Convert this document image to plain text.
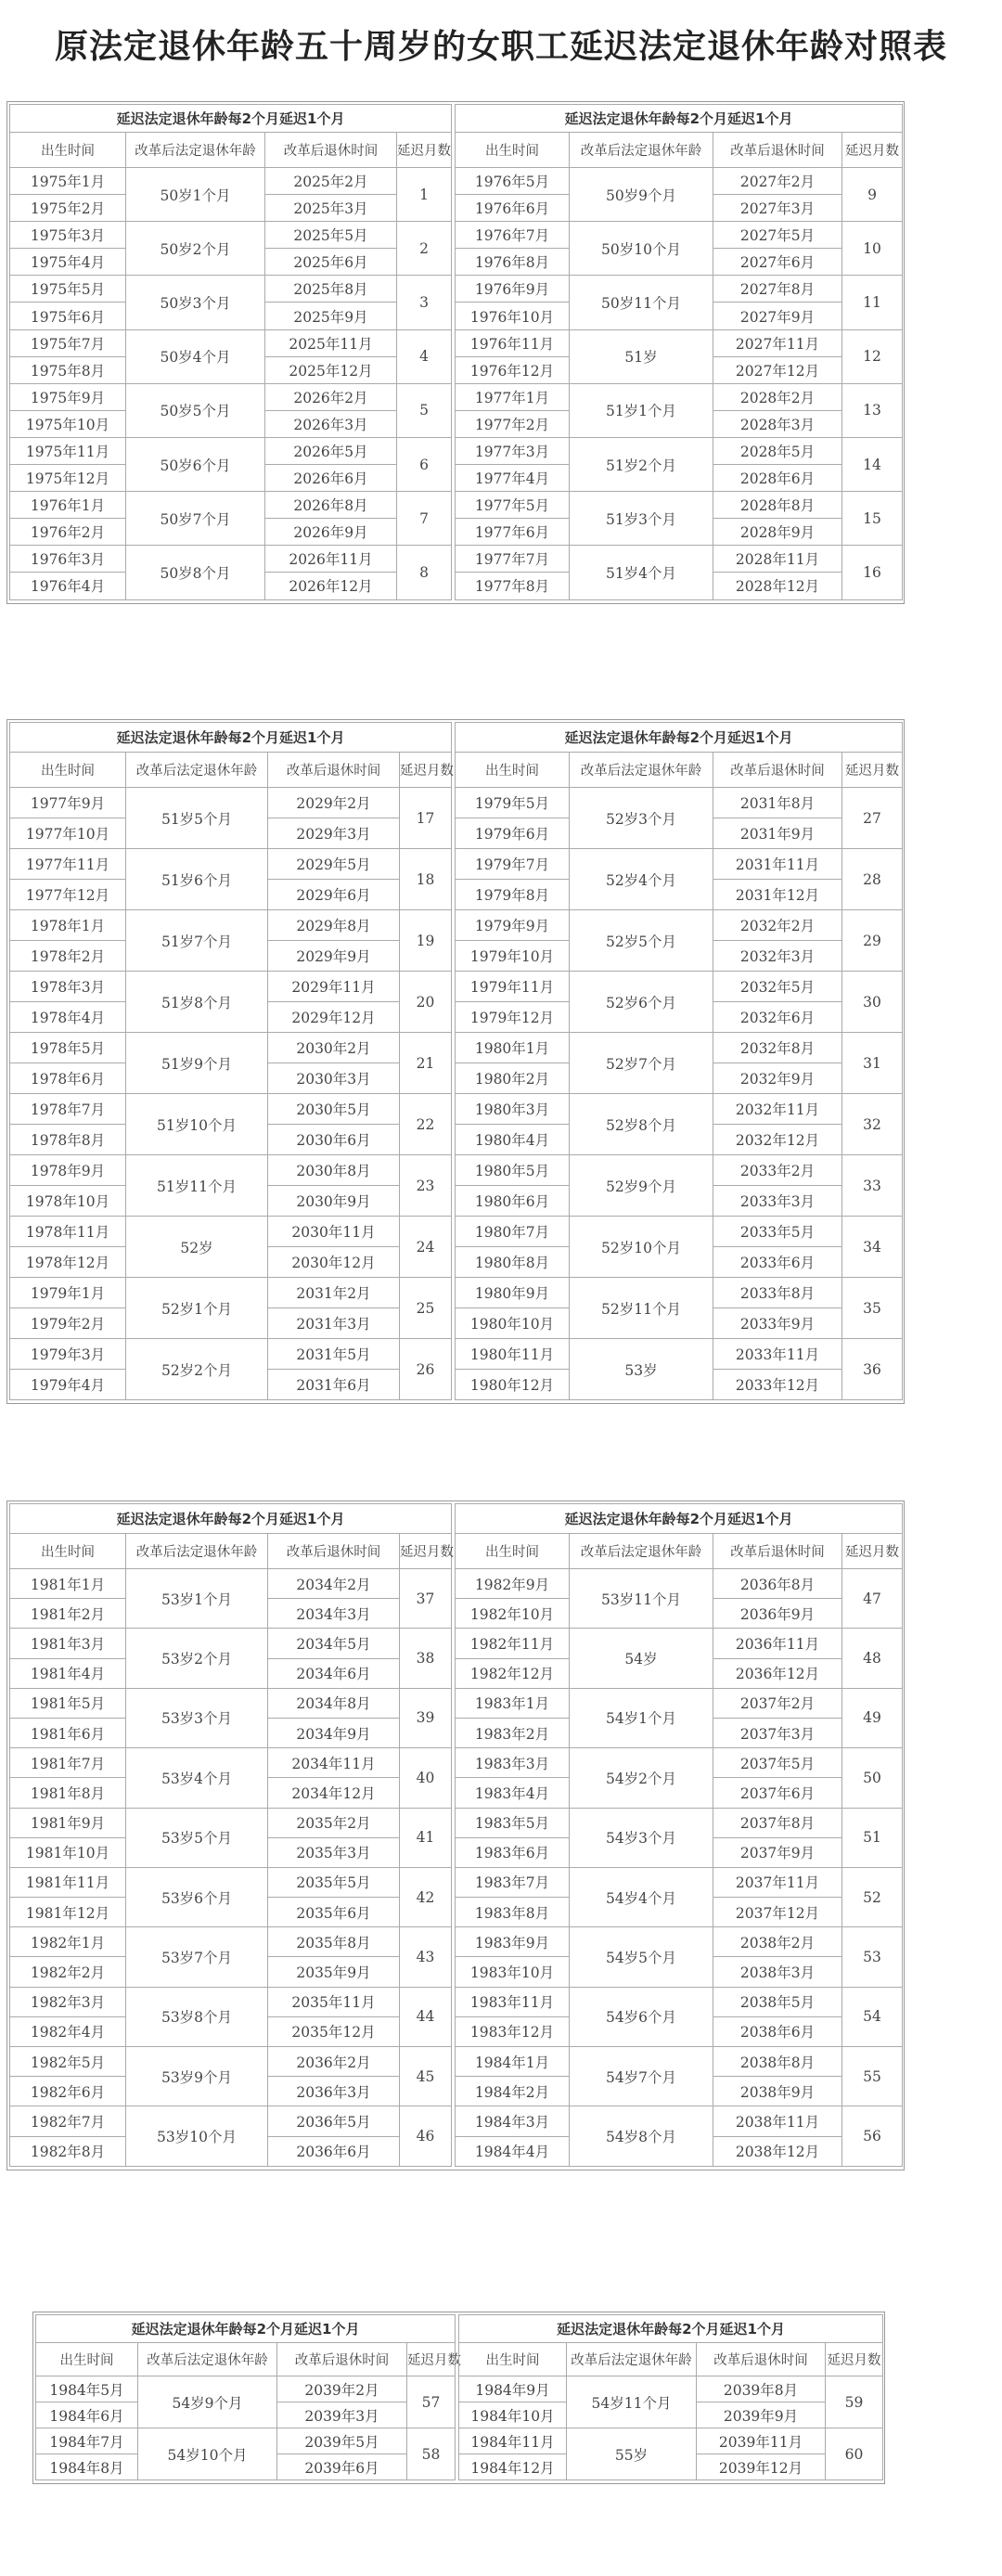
原法定退休年龄五十周岁的女职工延迟法定退休年龄对照表
延迟法定退休年龄每2个月延迟1个月			
出生时间	改革后法定退休年龄	改革后退休时间	延迟月数
1975年1月	50岁1个月	2025年2月	1
1975年2月		2025年3月	
1975年3月	50岁2个月	2025年5月	2
1975年4月		2025年6月	
1975年5月	50岁3个月	2025年8月	3
1975年6月		2025年9月	
1975年7月	50岁4个月	2025年11月	4
1975年8月		2025年12月	
1975年9月	50岁5个月	2026年2月	5
1975年10月		2026年3月	
1975年11月	50岁6个月	2026年5月	6
1975年12月		2026年6月	
1976年1月	50岁7个月	2026年8月	7
1976年2月		2026年9月	
1976年3月	50岁8个月	2026年11月	8
1976年4月		2026年12月	
延迟法定退休年龄每2个月延迟1个月			
出生时间	改革后法定退休年龄	改革后退休时间	延迟月数
1976年5月	50岁9个月	2027年2月	9
1976年6月		2027年3月	
1976年7月	50岁10个月	2027年5月	10
1976年8月		2027年6月	
1976年9月	50岁11个月	2027年8月	11
1976年10月		2027年9月	
1976年11月	51岁	2027年11月	12
1976年12月		2027年12月	
1977年1月	51岁1个月	2028年2月	13
1977年2月		2028年3月	
1977年3月	51岁2个月	2028年5月	14
1977年4月		2028年6月	
1977年5月	51岁3个月	2028年8月	15
1977年6月		2028年9月	
1977年7月	51岁4个月	2028年11月	16
1977年8月		2028年12月	
延迟法定退休年龄每2个月延迟1个月			
出生时间	改革后法定退休年龄	改革后退休时间	延迟月数
1977年9月	51岁5个月	2029年2月	17
1977年10月		2029年3月	
1977年11月	51岁6个月	2029年5月	18
1977年12月		2029年6月	
1978年1月	51岁7个月	2029年8月	19
1978年2月		2029年9月	
1978年3月	51岁8个月	2029年11月	20
1978年4月		2029年12月	
1978年5月	51岁9个月	2030年2月	21
1978年6月		2030年3月	
1978年7月	51岁10个月	2030年5月	22
1978年8月		2030年6月	
1978年9月	51岁11个月	2030年8月	23
1978年10月		2030年9月	
1978年11月	52岁	2030年11月	24
1978年12月		2030年12月	
1979年1月	52岁1个月	2031年2月	25
1979年2月		2031年3月	
1979年3月	52岁2个月	2031年5月	26
1979年4月		2031年6月	
延迟法定退休年龄每2个月延迟1个月			
出生时间	改革后法定退休年龄	改革后退休时间	延迟月数
1979年5月	52岁3个月	2031年8月	27
1979年6月		2031年9月	
1979年7月	52岁4个月	2031年11月	28
1979年8月		2031年12月	
1979年9月	52岁5个月	2032年2月	29
1979年10月		2032年3月	
1979年11月	52岁6个月	2032年5月	30
1979年12月		2032年6月	
1980年1月	52岁7个月	2032年8月	31
1980年2月		2032年9月	
1980年3月	52岁8个月	2032年11月	32
1980年4月		2032年12月	
1980年5月	52岁9个月	2033年2月	33
1980年6月		2033年3月	
1980年7月	52岁10个月	2033年5月	34
1980年8月		2033年6月	
1980年9月	52岁11个月	2033年8月	35
1980年10月		2033年9月	
1980年11月	53岁	2033年11月	36
1980年12月		2033年12月	
延迟法定退休年龄每2个月延迟1个月			
出生时间	改革后法定退休年龄	改革后退休时间	延迟月数
1981年1月	53岁1个月	2034年2月	37
1981年2月		2034年3月	
1981年3月	53岁2个月	2034年5月	38
1981年4月		2034年6月	
1981年5月	53岁3个月	2034年8月	39
1981年6月		2034年9月	
1981年7月	53岁4个月	2034年11月	40
1981年8月		2034年12月	
1981年9月	53岁5个月	2035年2月	41
1981年10月		2035年3月	
1981年11月	53岁6个月	2035年5月	42
1981年12月		2035年6月	
1982年1月	53岁7个月	2035年8月	43
1982年2月		2035年9月	
1982年3月	53岁8个月	2035年11月	44
1982年4月		2035年12月	
1982年5月	53岁9个月	2036年2月	45
1982年6月		2036年3月	
1982年7月	53岁10个月	2036年5月	46
1982年8月		2036年6月	
延迟法定退休年龄每2个月延迟1个月			
出生时间	改革后法定退休年龄	改革后退休时间	延迟月数
1982年9月	53岁11个月	2036年8月	47
1982年10月		2036年9月	
1982年11月	54岁	2036年11月	48
1982年12月		2036年12月	
1983年1月	54岁1个月	2037年2月	49
1983年2月		2037年3月	
1983年3月	54岁2个月	2037年5月	50
1983年4月		2037年6月	
1983年5月	54岁3个月	2037年8月	51
1983年6月		2037年9月	
1983年7月	54岁4个月	2037年11月	52
1983年8月		2037年12月	
1983年9月	54岁5个月	2038年2月	53
1983年10月		2038年3月	
1983年11月	54岁6个月	2038年5月	54
1983年12月		2038年6月	
1984年1月	54岁7个月	2038年8月	55
1984年2月		2038年9月	
1984年3月	54岁8个月	2038年11月	56
1984年4月		2038年12月	
延迟法定退休年龄每2个月延迟1个月			
出生时间	改革后法定退休年龄	改革后退休时间	延迟月数
1984年5月	54岁9个月	2039年2月	57
1984年6月		2039年3月	
1984年7月	54岁10个月	2039年5月	58
1984年8月		2039年6月	
延迟法定退休年龄每2个月延迟1个月			
出生时间	改革后法定退休年龄	改革后退休时间	延迟月数
1984年9月	54岁11个月	2039年8月	59
1984年10月		2039年9月	
1984年11月	55岁	2039年11月	60
1984年12月		2039年12月	
